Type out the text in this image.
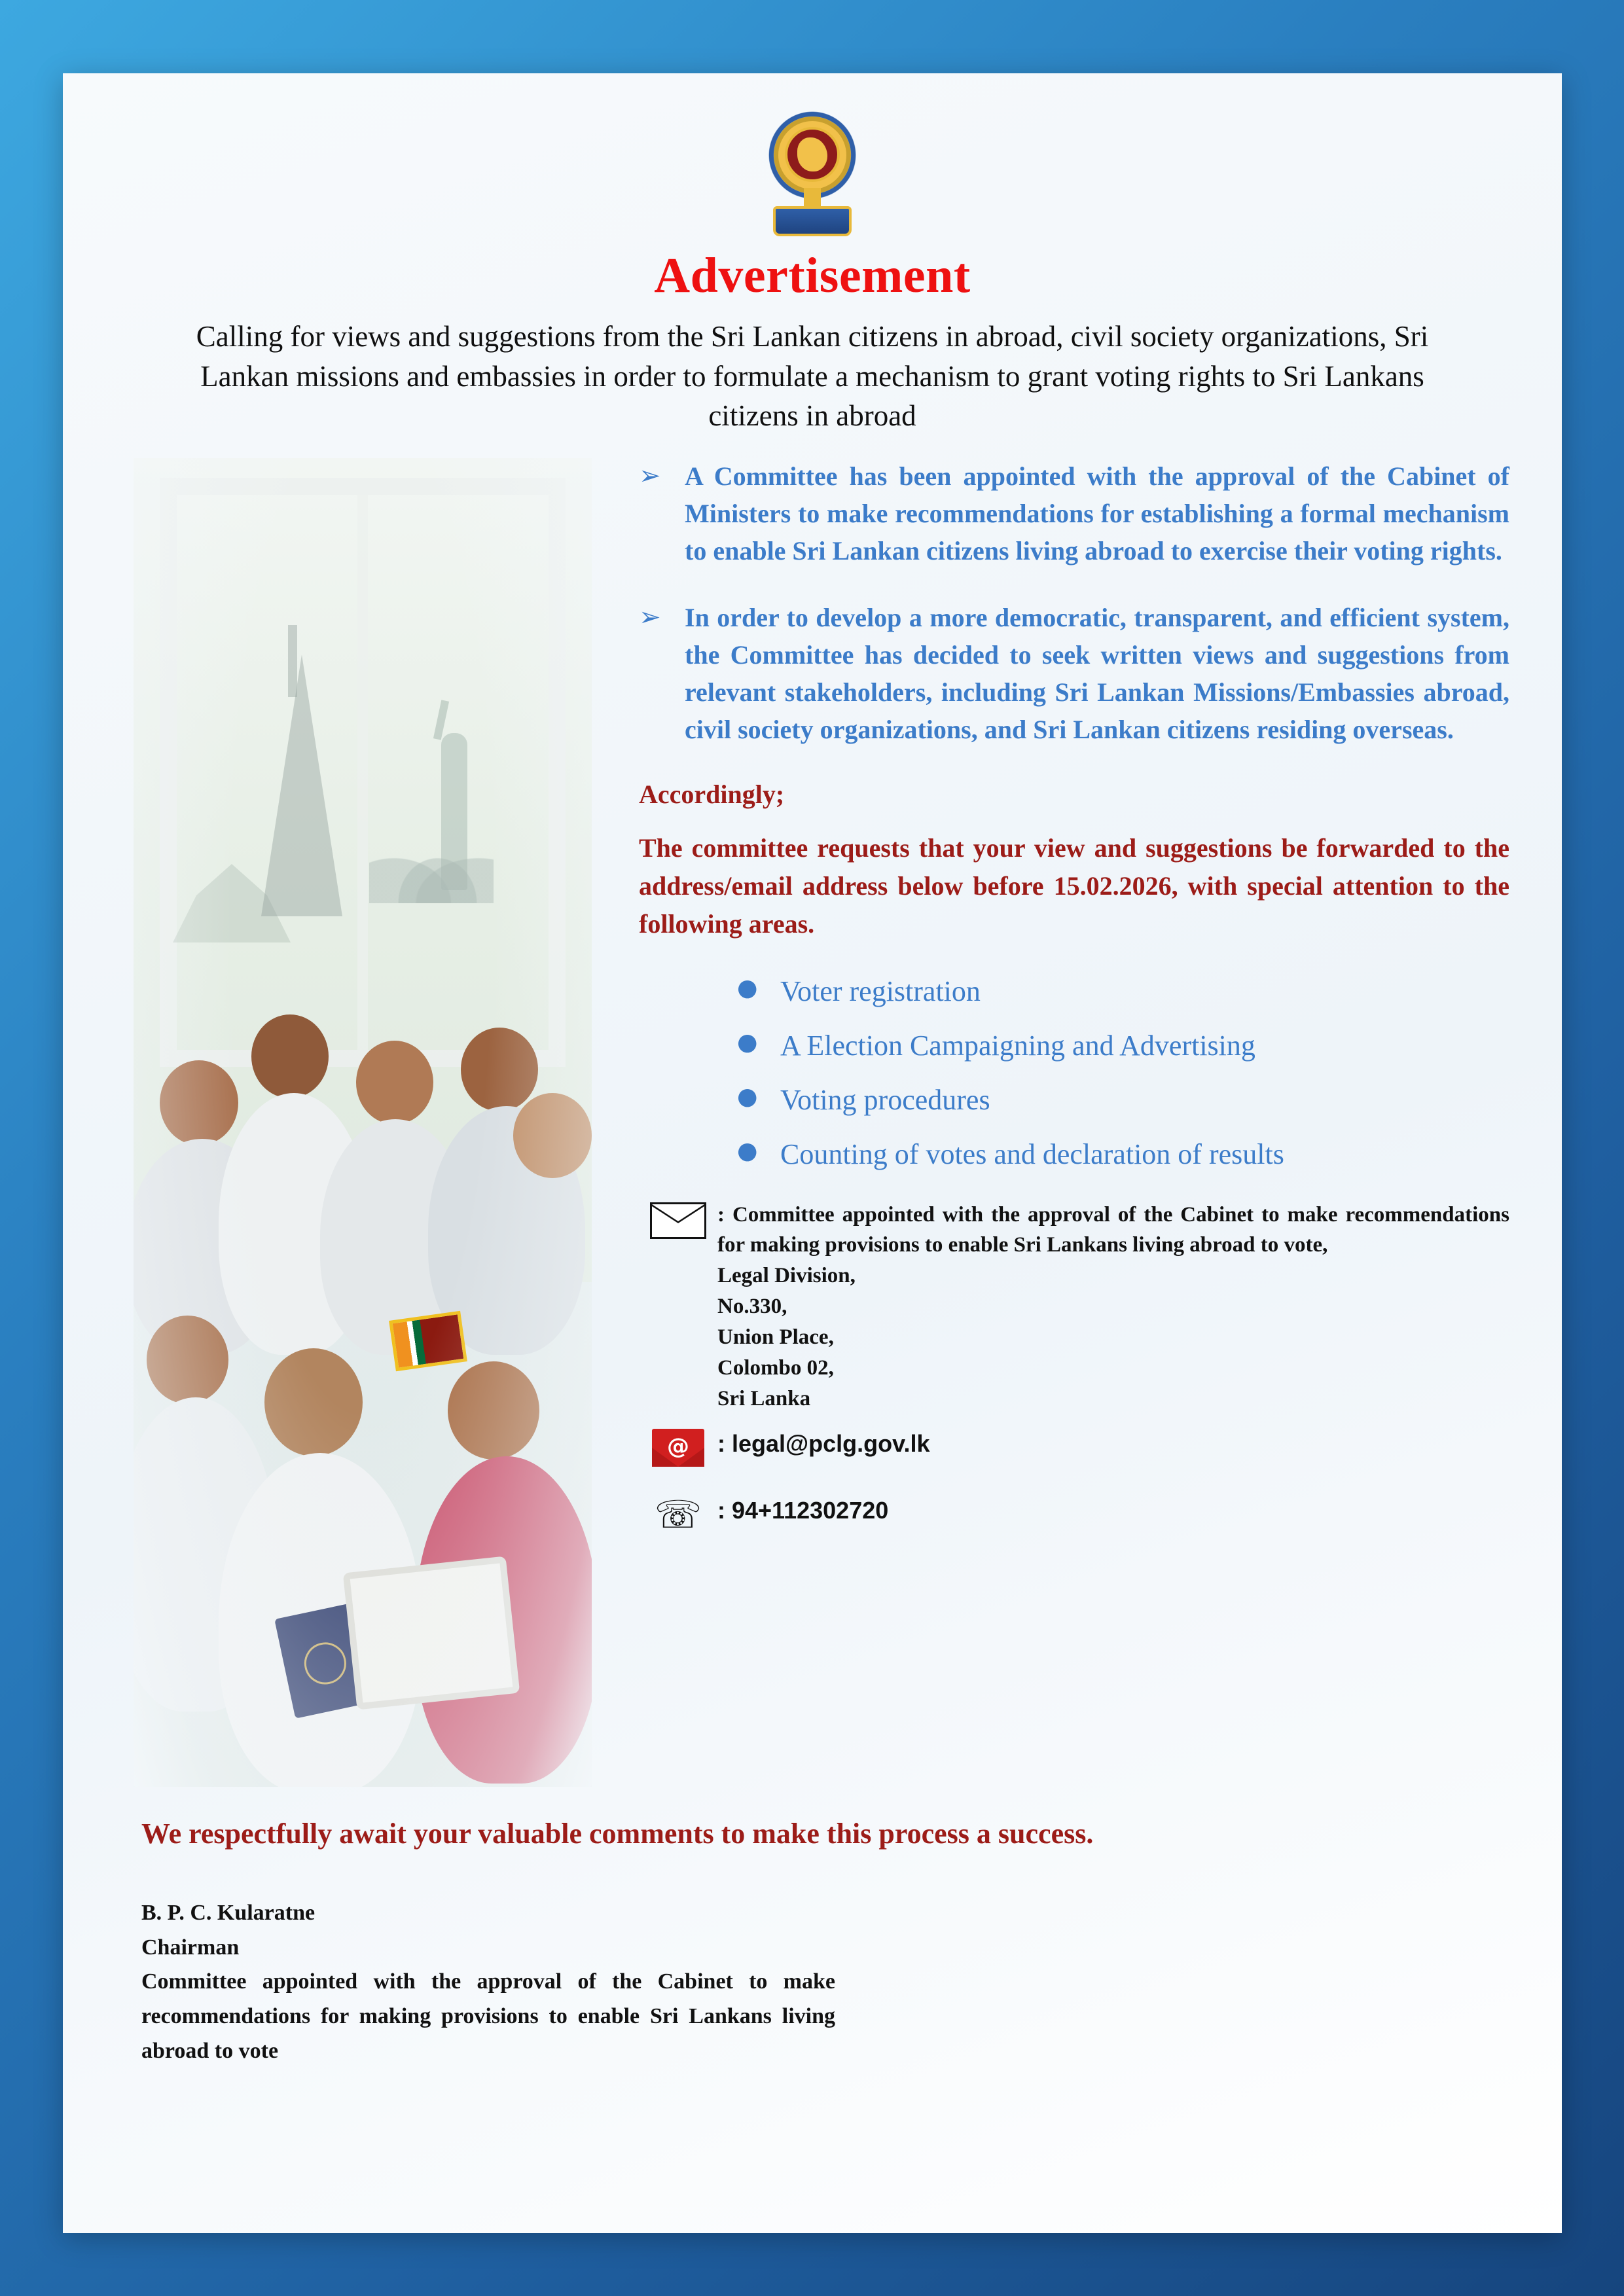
Advertisement
Calling for views and suggestions from the Sri Lankan citizens in abroad, civil society organizations, Sri Lankan missions and embassies in order to formulate a mechanism to grant voting rights to Sri Lankans citizens in abroad
➢ A Committee has been appointed with the approval of the Cabinet of Ministers to make recommendations for establishing a formal mechanism to enable Sri Lankan citizens living abroad to exercise their voting rights.
➢ In order to develop a more democratic, transparent, and efficient system, the Committee has decided to seek written views and suggestions from relevant stakeholders, including Sri Lankan Missions/Embassies abroad, civil society organizations, and Sri Lankan citizens residing overseas.
Accordingly;
The committee requests that your view and suggestions be forwarded to the address/email address below before 15.02.2026, with special attention to the following areas.
● Voter registration
● A Election Campaigning and Advertising
● Voting procedures
● Counting of votes and declaration of results
: Committee appointed with the approval of the Cabinet to make recommendations for making provisions to enable Sri Lankans living abroad to vote,
Legal Division,
No.330,
Union Place,
Colombo 02,
Sri Lanka
@
: legal@pclg.gov.lk
☏ : 94+112302720
We respectfully await your valuable comments to make this process a success.
B. P. C. Kularatne
Chairman
Committee appointed with the approval of the Cabinet to make recommendations for making provisions to enable Sri Lankans living abroad to vote
